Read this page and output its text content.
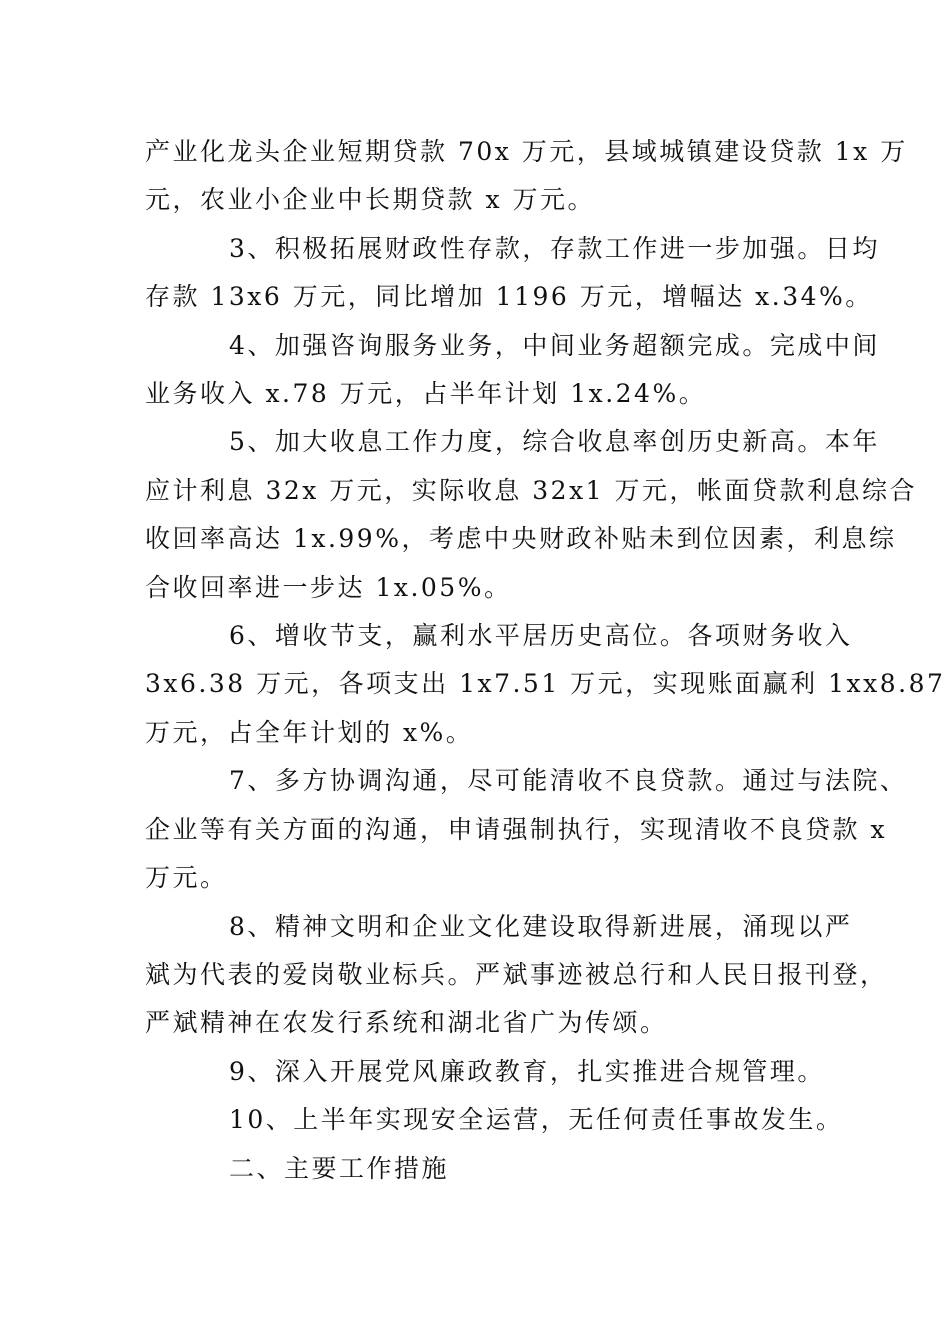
产业化龙头企业短期贷款 70x 万元，县域城镇建设贷款 1x 万
元，农业小企业中长期贷款 x 万元。

3、积极拓展财政性存款，存款工作进一步加强。日均
存款 13x6 万元，同比增加 1196 万元，增幅达 x.34%。

4、加强咨询服务业务，中间业务超额完成。完成中间
业务收入 x.78 万元，占半年计划 1x.24%。

5、加大收息工作力度，综合收息率创历史新高。本年
应计利息 32x 万元，实际收息 32x1 万元，帐面贷款利息综合
收回率高达 1x.99%，考虑中央财政补贴未到位因素，利息综
合收回率进一步达 1x.05%。

6、增收节支，赢利水平居历史高位。各项财务收入
3x6.38 万元，各项支出 1x7.51 万元，实现账面赢利 1xx8.87
万元，占全年计划的 x%。

7、多方协调沟通，尽可能清收不良贷款。通过与法院、
企业等有关方面的沟通，申请强制执行，实现清收不良贷款 x
万元。

8、精神文明和企业文化建设取得新进展，涌现以严
斌为代表的爱岗敬业标兵。严斌事迹被总行和人民日报刊登，
严斌精神在农发行系统和湖北省广为传颂。

9、深入开展党风廉政教育，扎实推进合规管理。

10、上半年实现安全运营，无任何责任事故发生。

二、主要工作措施
